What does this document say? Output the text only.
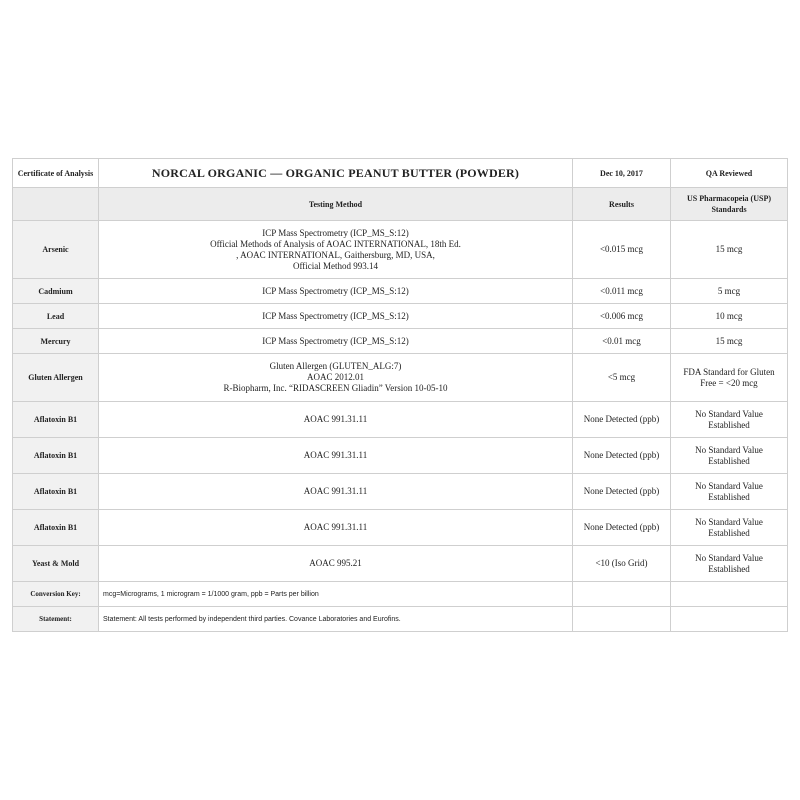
Certificate of Analysis	NORCAL ORGANIC — ORGANIC PEANUT BUTTER (POWDER)	Dec 10, 2017	QA Reviewed
	Testing Method	Results	US Pharmacopeia (USP) Standards
Arsenic	ICP Mass Spectrometry (ICP_MS_S:12)
Official Methods of Analysis of AOAC INTERNATIONAL, 18th Ed.
, AOAC INTERNATIONAL, Gaithersburg, MD, USA,
Official Method 993.14	<0.015 mcg	15 mcg
Cadmium	ICP Mass Spectrometry (ICP_MS_S:12)	<0.011 mcg	5 mcg
Lead	ICP Mass Spectrometry (ICP_MS_S:12)	<0.006 mcg	10 mcg
Mercury	ICP Mass Spectrometry (ICP_MS_S:12)	<0.01 mcg	15 mcg
Gluten Allergen	Gluten Allergen (GLUTEN_ALG:7)
AOAC 2012.01
R-Biopharm, Inc. “RIDASCREEN Gliadin” Version 10-05-10	<5 mcg	FDA Standard for Gluten Free = <20 mcg
Aflatoxin B1	AOAC 991.31.11	None Detected (ppb)	No Standard Value Established
Aflatoxin B1	AOAC 991.31.11	None Detected (ppb)	No Standard Value Established
Aflatoxin B1	AOAC 991.31.11	None Detected (ppb)	No Standard Value Established
Aflatoxin B1	AOAC 991.31.11	None Detected (ppb)	No Standard Value Established
Yeast & Mold	AOAC 995.21	<10 (Iso Grid)	No Standard Value Established
Conversion Key:	mcg=Micrograms, 1 microgram = 1/1000 gram, ppb = Parts per billion		
Statement:	Statement: All tests performed by independent third parties. Covance Laboratories and Eurofins.		
